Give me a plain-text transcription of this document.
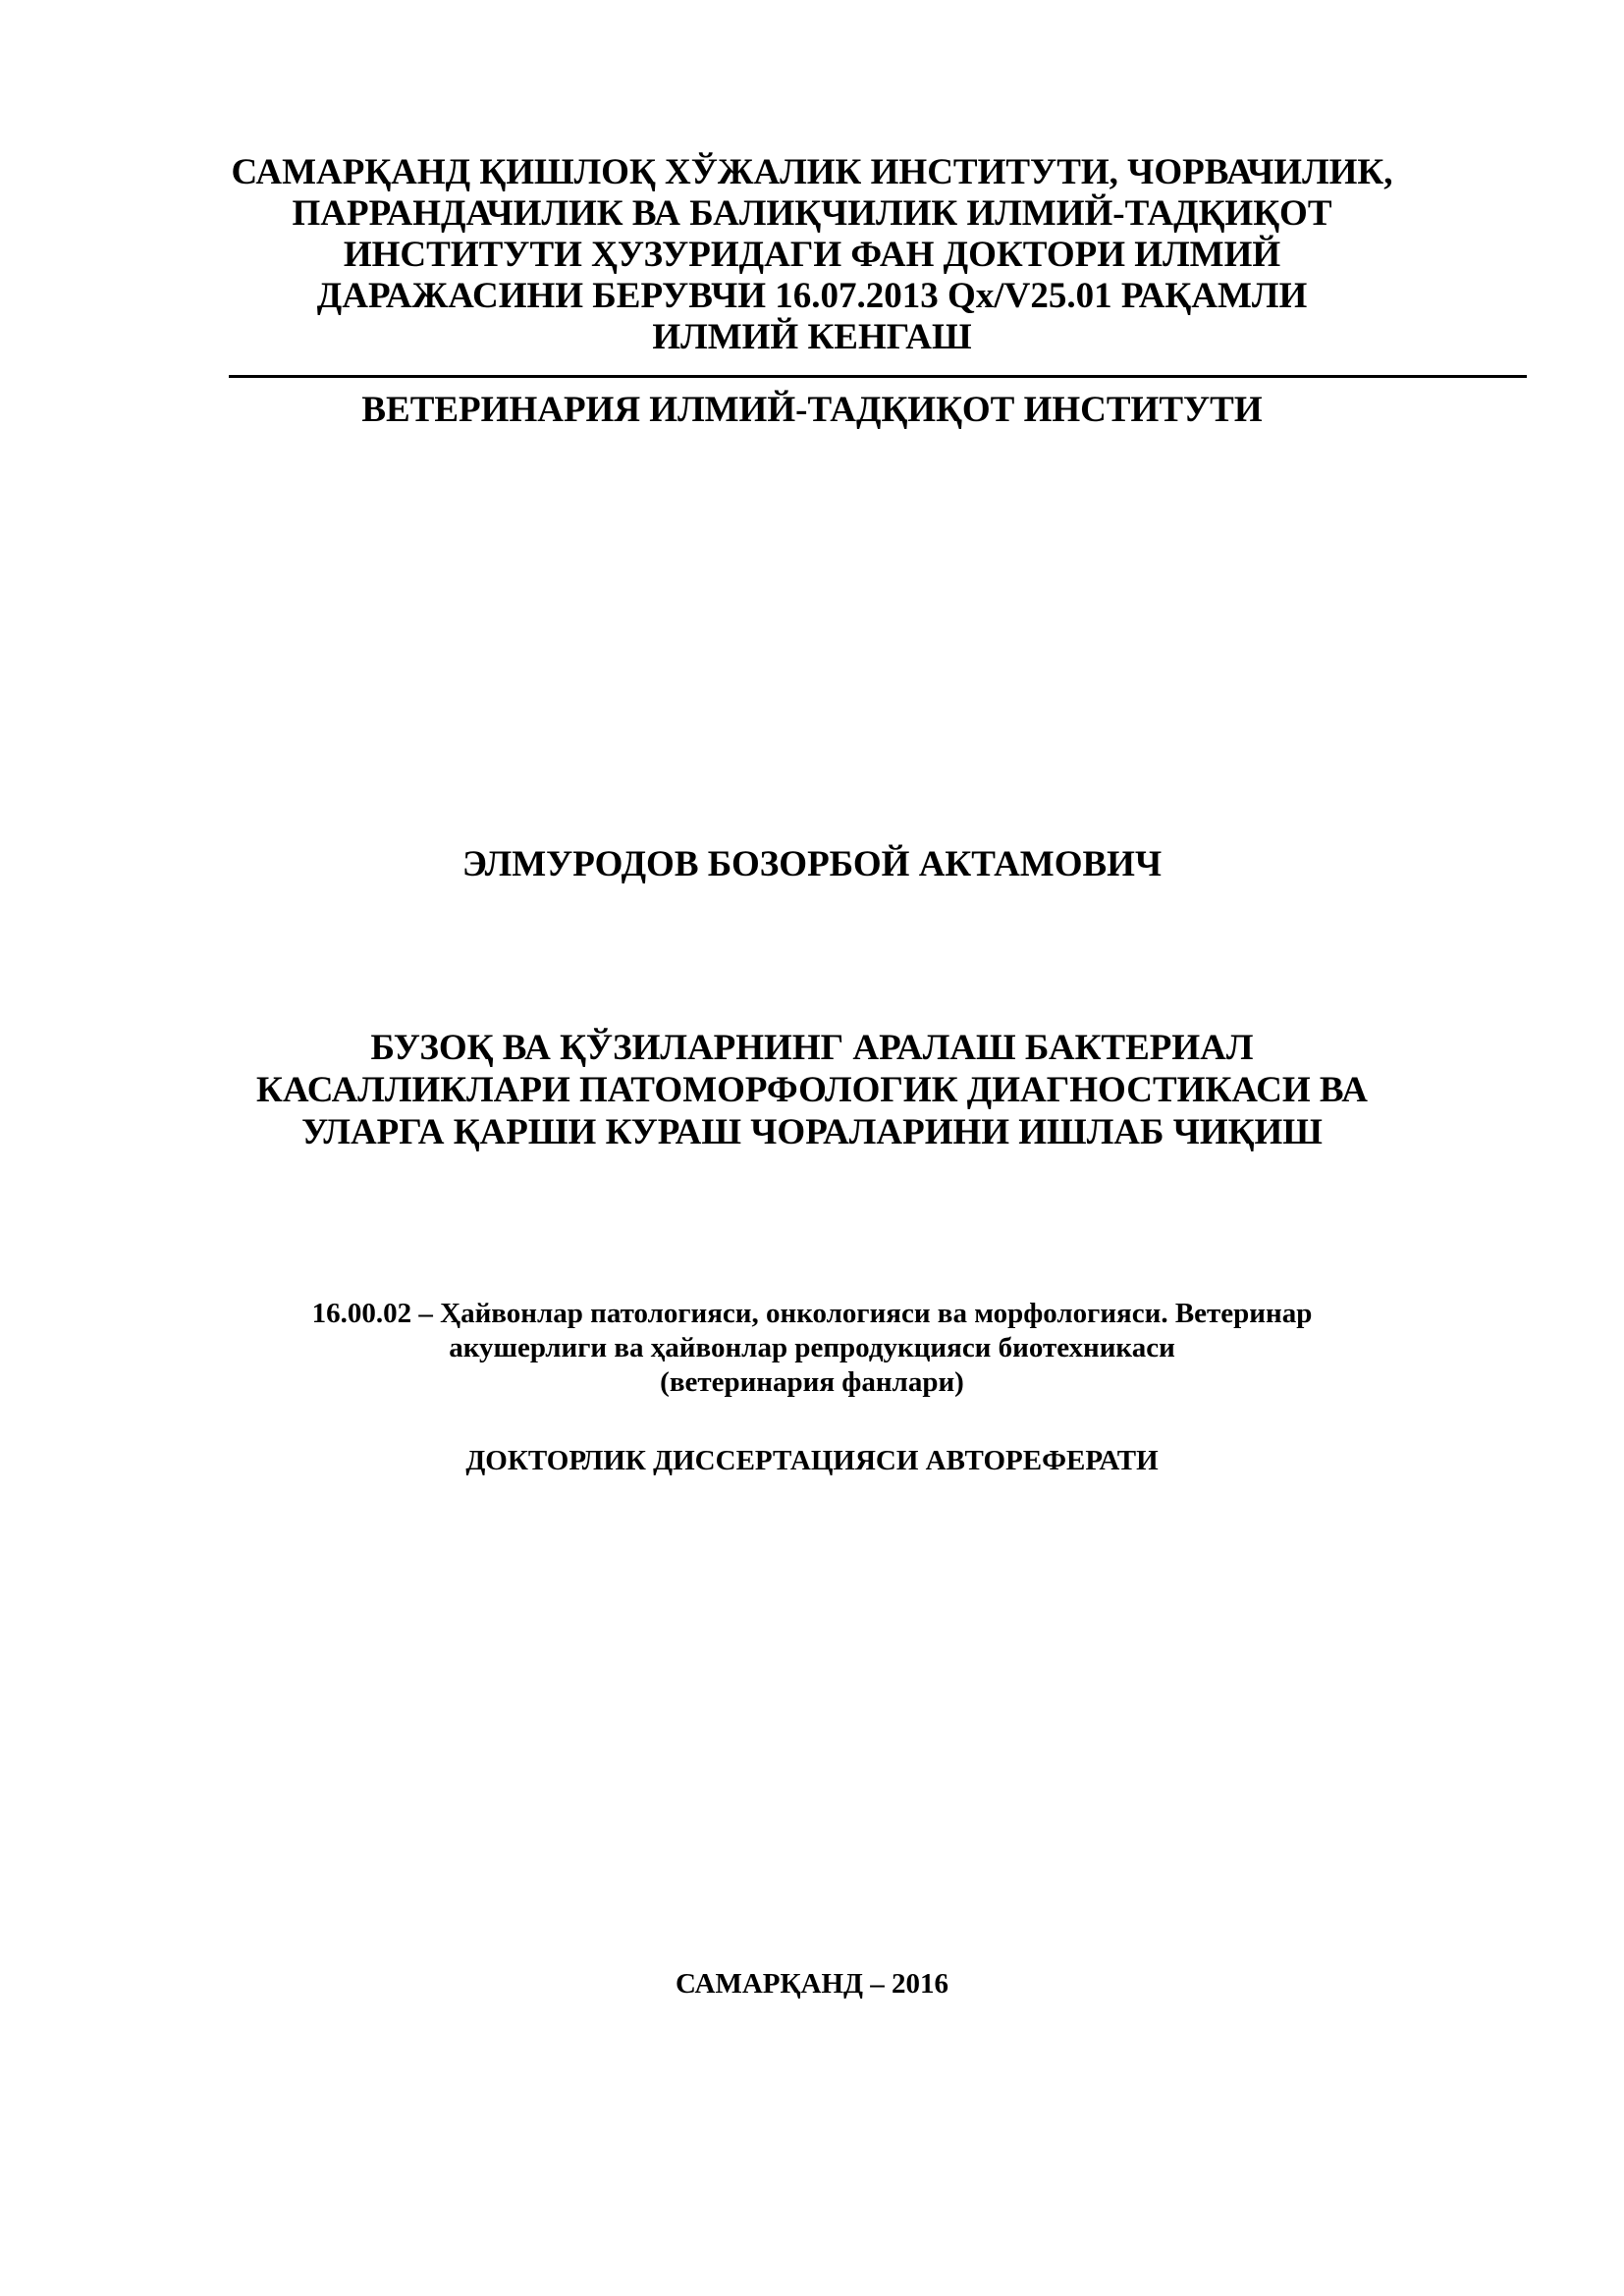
САМАРҚАНД ҚИШЛОҚ ХЎЖАЛИК ИНСТИТУТИ, ЧОРВАЧИЛИК,
ПАРРАНДАЧИЛИК ВА БАЛИҚЧИЛИК ИЛМИЙ-ТАДҚИҚОТ
ИНСТИТУТИ ҲУЗУРИДАГИ ФАН ДОКТОРИ ИЛМИЙ
ДАРАЖАСИНИ БЕРУВЧИ 16.07.2013 Qx/V25.01 РАҚАМЛИ
ИЛМИЙ КЕНГАШ
ВЕТЕРИНАРИЯ ИЛМИЙ-ТАДҚИҚОТ ИНСТИТУТИ
ЭЛМУРОДОВ БОЗОРБОЙ АКТАМОВИЧ
БУЗОҚ ВА ҚЎЗИЛАРНИНГ АРАЛАШ БАКТЕРИАЛ
КАСАЛЛИКЛАРИ ПАТОМОРФОЛОГИК ДИАГНОСТИКАСИ ВА
УЛАРГА ҚАРШИ КУРАШ ЧОРАЛАРИНИ ИШЛАБ ЧИҚИШ
16.00.02 – Ҳайвонлар патологияси, онкологияси ва морфологияси. Ветеринар
акушерлиги ва ҳайвонлар репродукцияси биотехникаси
(ветеринария фанлари)
ДОКТОРЛИК ДИССЕРТАЦИЯСИ АВТОРЕФЕРАТИ
САМАРҚАНД – 2016
